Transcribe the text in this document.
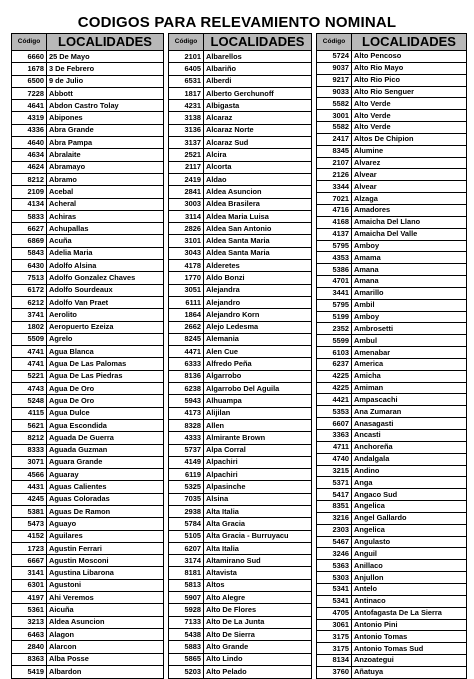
CODIGOS PARA RELEVAMIENTO NOMINAL
Código	LOCALIDADES
6660	25 De Mayo
1678	3 De Febrero
6500	9 de Julio
7228	Abbott
4641	Abdon Castro Tolay
4319	Abipones
4336	Abra Grande
4640	Abra Pampa
4634	Abralaite
4624	Abramayo
8212	Abramo
2109	Acebal
4134	Acheral
5833	Achiras
6627	Achupallas
6869	Acuña
5843	Adelia Maria
6430	Adolfo Alsina
7513	Adolfo Gonzalez Chaves
6172	Adolfo Sourdeaux
6212	Adolfo Van Praet
3741	Aerolito
1802	Aeropuerto Ezeiza
5509	Agrelo
4741	Agua Blanca
4741	Agua De Las Palomas
5221	Agua De Las Piedras
4743	Agua De Oro
5248	Agua De Oro
4115	Agua Dulce
5621	Agua Escondida
8212	Aguada De Guerra
8333	Aguada Guzman
3071	Aguara Grande
4566	Aguaray
4431	Aguas Calientes
4245	Aguas Coloradas
5381	Aguas De Ramon
5473	Aguayo
4152	Aguilares
1723	Agustin Ferrari
6667	Agustin Mosconi
3141	Agustina Libarona
6301	Agustoni
4197	Ahi Veremos
5361	Aicuña
3213	Aldea Asuncion
6463	Alagon
2840	Alarcon
8363	Alba Posse
5419	Albardon
Código	LOCALIDADES
2101	Albarellos
6405	Albariño
6531	Alberdi
1817	Alberto Gerchunoff
4231	Albigasta
3138	Alcaraz
3136	Alcaraz Norte
3137	Alcaraz Sud
2521	Alcira
2117	Alcorta
2419	Aldao
2841	Aldea Asuncion
3003	Aldea Brasilera
3114	Aldea Maria Luisa
2826	Aldea San Antonio
3101	Aldea Santa Maria
3043	Aldea Santa Maria
4178	Alderetes
1770	Aldo Bonzi
3051	Alejandra
6111	Alejandro
1864	Alejandro Korn
2662	Alejo Ledesma
8245	Alemania
4471	Alen Cue
6333	Alfredo Peña
8136	Algarrobo
6238	Algarrobo Del Aguila
5943	Alhuampa
4173	Alijilan
8328	Allen
4333	Almirante Brown
5737	Alpa Corral
4149	Alpachiri
6119	Alpachiri
5325	Alpasinche
7035	Alsina
2938	Alta Italia
5784	Alta Gracia
5105	Alta Gracia - Burruyacu
6207	Alta Italia
3174	Altamirano Sud
8181	Altavista
5813	Altos
5907	Alto Alegre
5928	Alto De Flores
7133	Alto De La Junta
5438	Alto De Sierra
5883	Alto Grande
5865	Alto Lindo
5203	Alto Pelado
Código	LOCALIDADES
5724	Alto Pencoso
9037	Alto Rio Mayo
9217	Alto Rio Pico
9033	Alto Rio Senguer
5582	Alto Verde
3001	Alto Verde
5582	Alto Verde
2417	Altos De Chipion
8345	Alumine
2107	Alvarez
2126	Alvear
3344	Alvear
7021	Alzaga
4716	Amadores
4168	Amaicha Del Llano
4137	Amaicha Del Valle
5795	Amboy
4353	Amama
5386	Amana
4701	Amana
3441	Amarillo
5795	Ambil
5199	Amboy
2352	Ambrosetti
5599	Ambul
6103	Amenabar
6237	America
4225	Amicha
4225	Amiman
4421	Ampascachi
5353	Ana Zumaran
6607	Anasagasti
3363	Ancasti
4711	Anchoreña
4740	Andalgala
3215	Andino
5371	Anga
5417	Angaco Sud
8351	Angelica
3216	Angel Gallardo
2303	Angelica
5467	Angulasto
3246	Anguil
5363	Anillaco
5303	Anjullon
5341	Antelo
5341	Antinaco
4705	Antofagasta De La Sierra
3061	Antonio Pini
3175	Antonio Tomas
3175	Antonio Tomas Sud
8134	Anzoategui
3760	Añatuya
